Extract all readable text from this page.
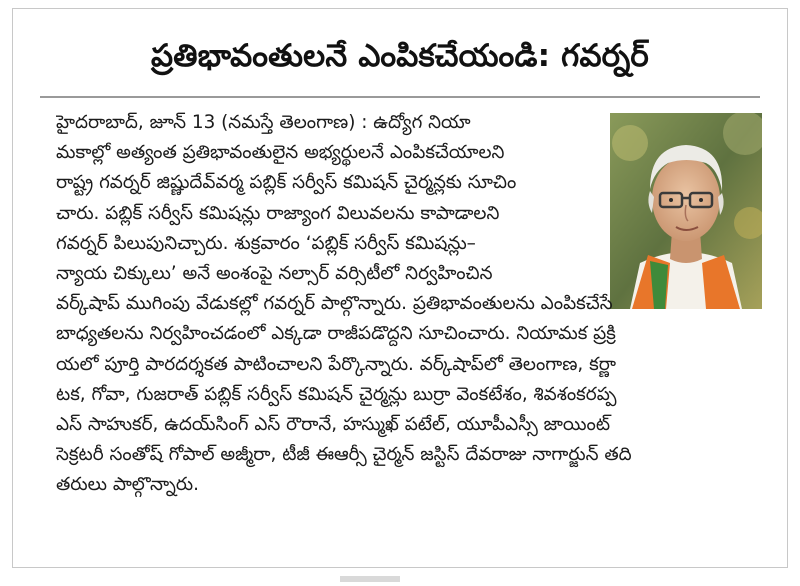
ప్రతిభావంతులనే ఎంపికచేయండి: గవర్నర్
హైదరాబాద్, జూన్ 13 (నమస్తే తెలంగాణ) : ఉద్యోగ నియా
మకాల్లో అత్యంత ప్రతిభావంతులైన అభ్యర్థులనే ఎంపికచేయాలని
రాష్ట్ర గవర్నర్ జిష్ణుదేవ్‌వర్మ పబ్లిక్ సర్వీస్ కమిషన్ చైర్మన్లకు సూచిం
చారు. పబ్లిక్ సర్వీస్ కమిషన్లు రాజ్యాంగ విలువలను కాపాడాలని
గవర్నర్ పిలుపునిచ్చారు. శుక్రవారం ‘పబ్లిక్ సర్వీస్ కమిషన్లు–
న్యాయ చిక్కులు’ అనే అంశంపై నల్సార్ వర్సిటీలో నిర్వహించిన
వర్క్‌షాప్ ముగింపు వేడుకల్లో గవర్నర్ పాల్గొన్నారు. ప్రతిభావంతులను ఎంపికచేసే
బాధ్యతలను నిర్వహించడంలో ఎక్కడా రాజీపడొద్దని సూచించారు. నియామక ప్రక్రి
యలో పూర్తి పారదర్శకత పాటించాలని పేర్కొన్నారు. వర్క్‌షాప్‌లో తెలంగాణ, కర్ణా
టక, గోవా, గుజరాత్ పబ్లిక్ సర్వీస్ కమిషన్ చైర్మన్లు బుర్రా వెంకటేశం, శివశంకరప్ప
ఎస్ సాహుకర్, ఉదయ్‌సింగ్ ఎస్ రౌరానే, హస్ముఖ్ పటేల్, యూపీఎస్సీ జాయింట్
సెక్రటరీ సంతోష్ గోపాల్ అజ్మీరా, టీజీ ఈఆర్సీ చైర్మన్ జస్టిస్ దేవరాజు నాగార్జున్ తది
తరులు పాల్గొన్నారు.
